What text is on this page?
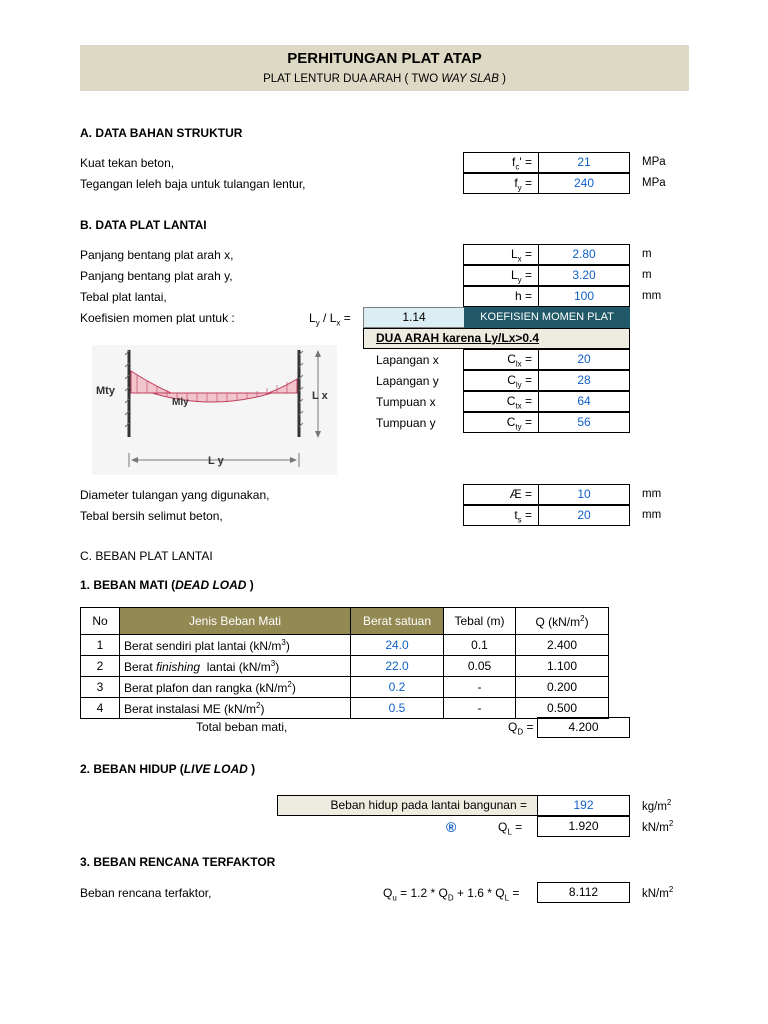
PERHITUNGAN PLAT ATAP
PLAT LENTUR DUA ARAH ( TWO WAY SLAB )
A. DATA BAHAN STRUKTUR
Kuat tekan beton,	$f_c'$ =	21	MPa
Tegangan leleh baja untuk tulangan lentur,	$f_y$ =	240	MPa
B. DATA PLAT LANTAI
Panjang bentang plat arah x,	$L_x$ =	2.80	m
Panjang bentang plat arah y,	$L_y$ =	3.20	m
Tebal plat lantai,	h =	100	mm
Koefisien momen plat untuk :	$L_y / L_x$ =	1.14	KOEFISIEN MOMEN PLAT
DUA ARAH karena Ly/Lx>0.4
Lapangan x	$C_{lx}$ =	20
Lapangan y	$C_{ly}$ =	28
Tumpuan x	$C_{tx}$ =	64
Tumpuan y	$C_{ty}$ =	56
Mty
Mly
L x
L y
Diameter tulangan yang digunakan,	Æ =	10	mm
Tebal bersih selimut beton,	$t_s$ =	20	mm
C. BEBAN PLAT LANTAI
1. BEBAN MATI (DEAD LOAD )
No	Jenis Beban Mati	Berat satuan	Tebal (m)	Q $(kN/m^2)$
1	Berat sendiri plat lantai $(kN/m^3)$	24.0	0.1	2.400
2	Berat finishing  lantai $(kN/m^3)$	22.0	0.05	1.100
3	Berat plafon dan rangka $(kN/m^2)$	0.2	-	0.200
4	Berat instalasi ME $(kN/m^2)$	0.5	-	0.500
Total beban mati,	$Q_D$ =	4.200
2. BEBAN HIDUP (LIVE LOAD )
Beban hidup pada lantai bangunan =	192	$kg/m^2$
®	$Q_L$ =	1.920	$kN/m^2$
3. BEBAN RENCANA TERFAKTOR
Beban rencana terfaktor,	$Q_u = 1.2 * Q_D + 1.6 * Q_L$ =	8.112	$kN/m^2$
